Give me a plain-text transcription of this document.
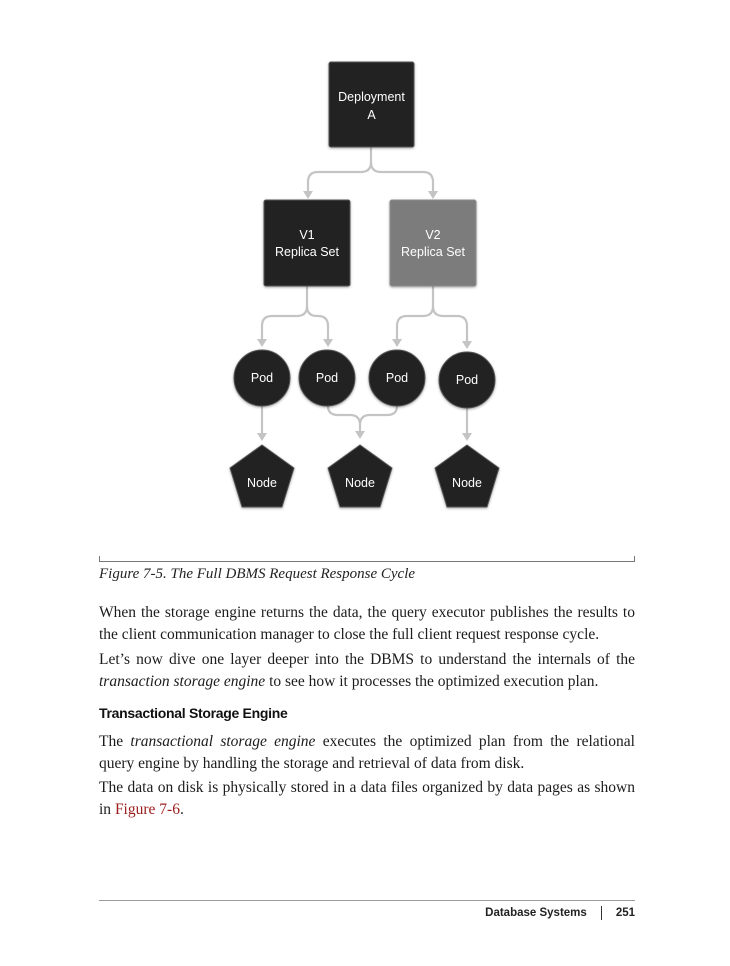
Deployment
A
V1
Replica Set
V2
Replica Set
Pod	Pod	Pod	Pod
Node	Node	Node
Figure 7-5. The Full DBMS Request Response Cycle

When the storage engine returns the data, the query executor publishes the results to the client communication manager to close the full client request response cycle.

Let’s now dive one layer deeper into the DBMS to understand the internals of the transaction storage engine to see how it processes the optimized execution plan.

Transactional Storage Engine

The transactional storage engine executes the optimized plan from the relational query engine by handling the storage and retrieval of data from disk.

The data on disk is physically stored in a data files organized by data pages as shown in Figure 7-6.

Database Systems	251
